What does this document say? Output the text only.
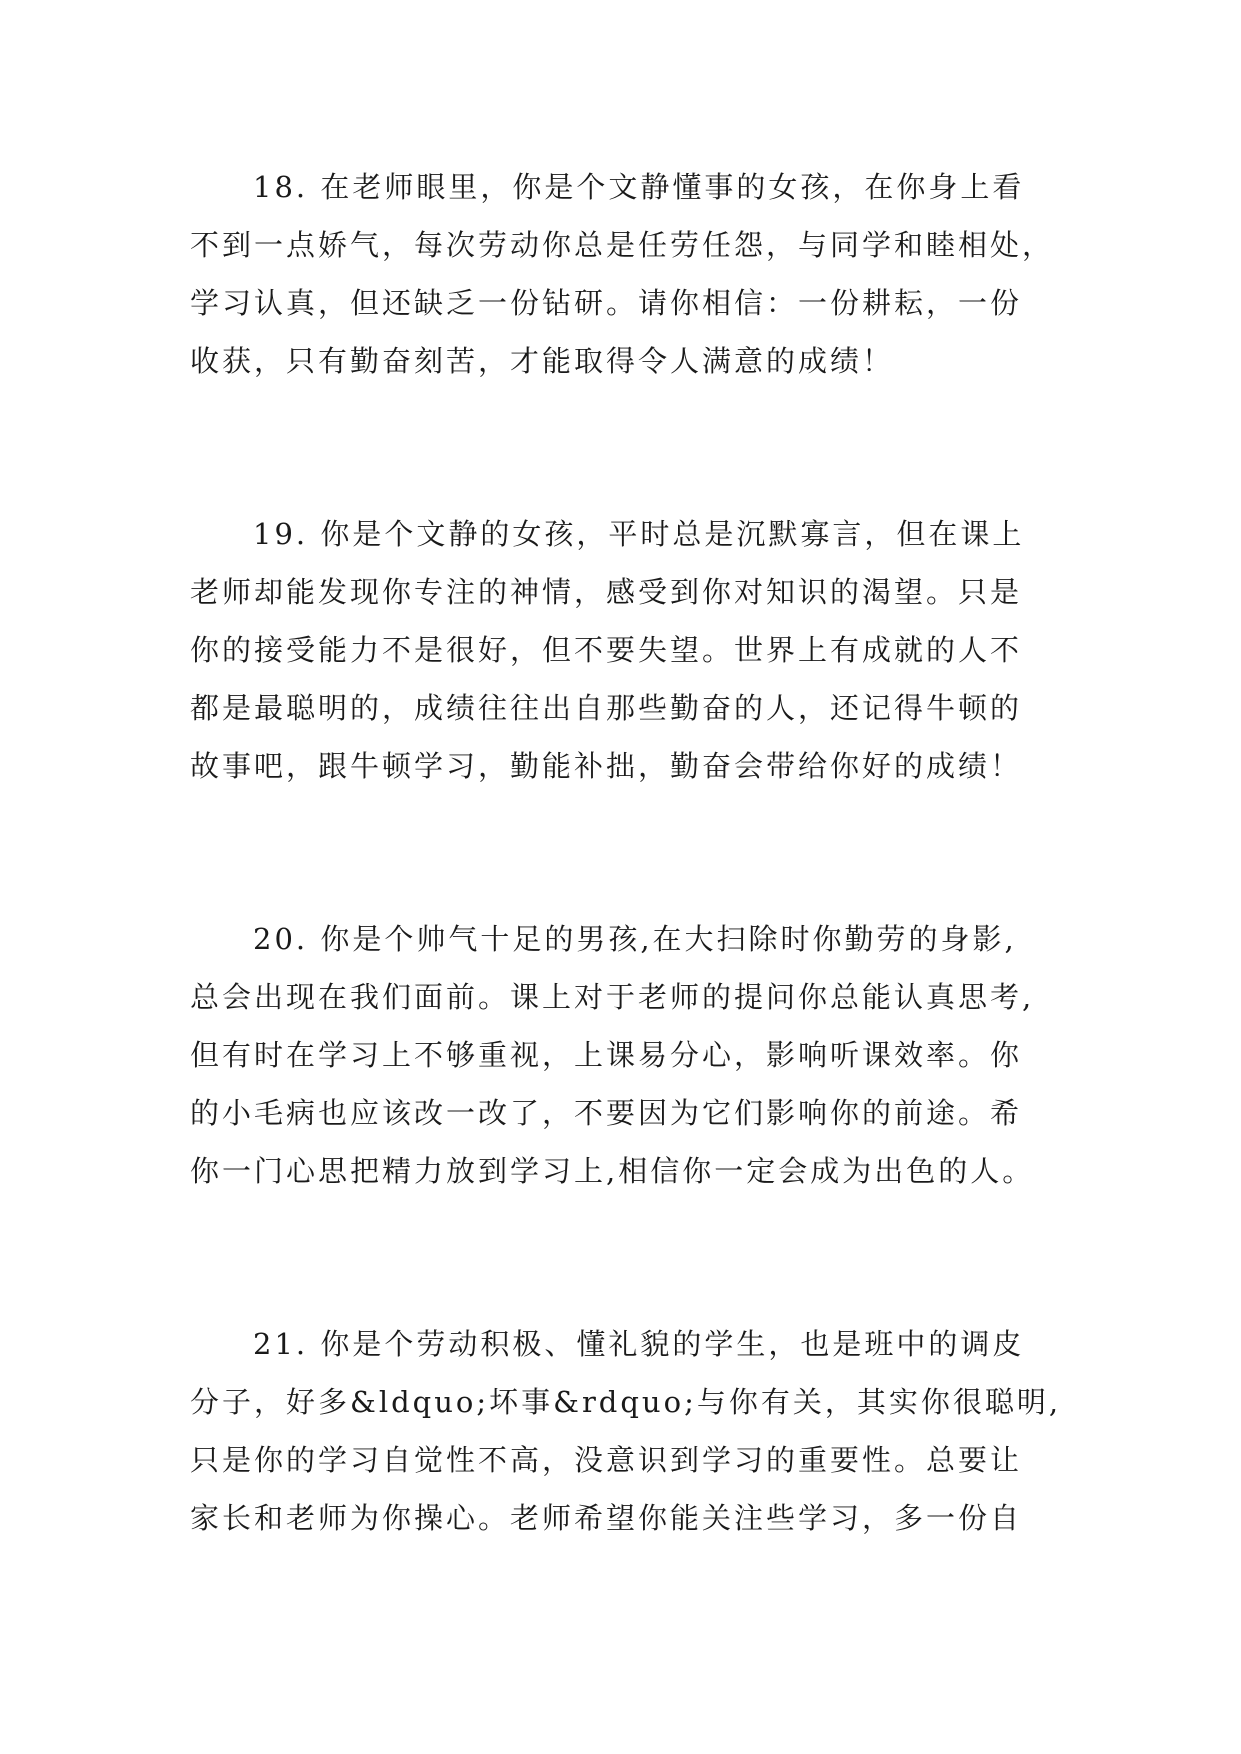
18. 在老师眼里，你是个文静懂事的女孩，在你身上看
不到一点娇气，每次劳动你总是任劳任怨，与同学和睦相处，
学习认真，但还缺乏一份钻研。请你相信：一份耕耘，一份
收获，只有勤奋刻苦，才能取得令人满意的成绩！
19. 你是个文静的女孩，平时总是沉默寡言，但在课上
老师却能发现你专注的神情，感受到你对知识的渴望。只是
你的接受能力不是很好，但不要失望。世界上有成就的人不
都是最聪明的，成绩往往出自那些勤奋的人，还记得牛顿的
故事吧，跟牛顿学习，勤能补拙，勤奋会带给你好的成绩！
20. 你是个帅气十足的男孩,在大扫除时你勤劳的身影,
总会出现在我们面前。课上对于老师的提问你总能认真思考,
但有时在学习上不够重视，上课易分心，影响听课效率。你
的小毛病也应该改一改了，不要因为它们影响你的前途。希
你一门心思把精力放到学习上,相信你一定会成为出色的人。
21. 你是个劳动积极、懂礼貌的学生，也是班中的调皮
分子，好多&ldquo;坏事&rdquo;与你有关，其实你很聪明,
只是你的学习自觉性不高，没意识到学习的重要性。总要让
家长和老师为你操心。老师希望你能关注些学习，多一份自
